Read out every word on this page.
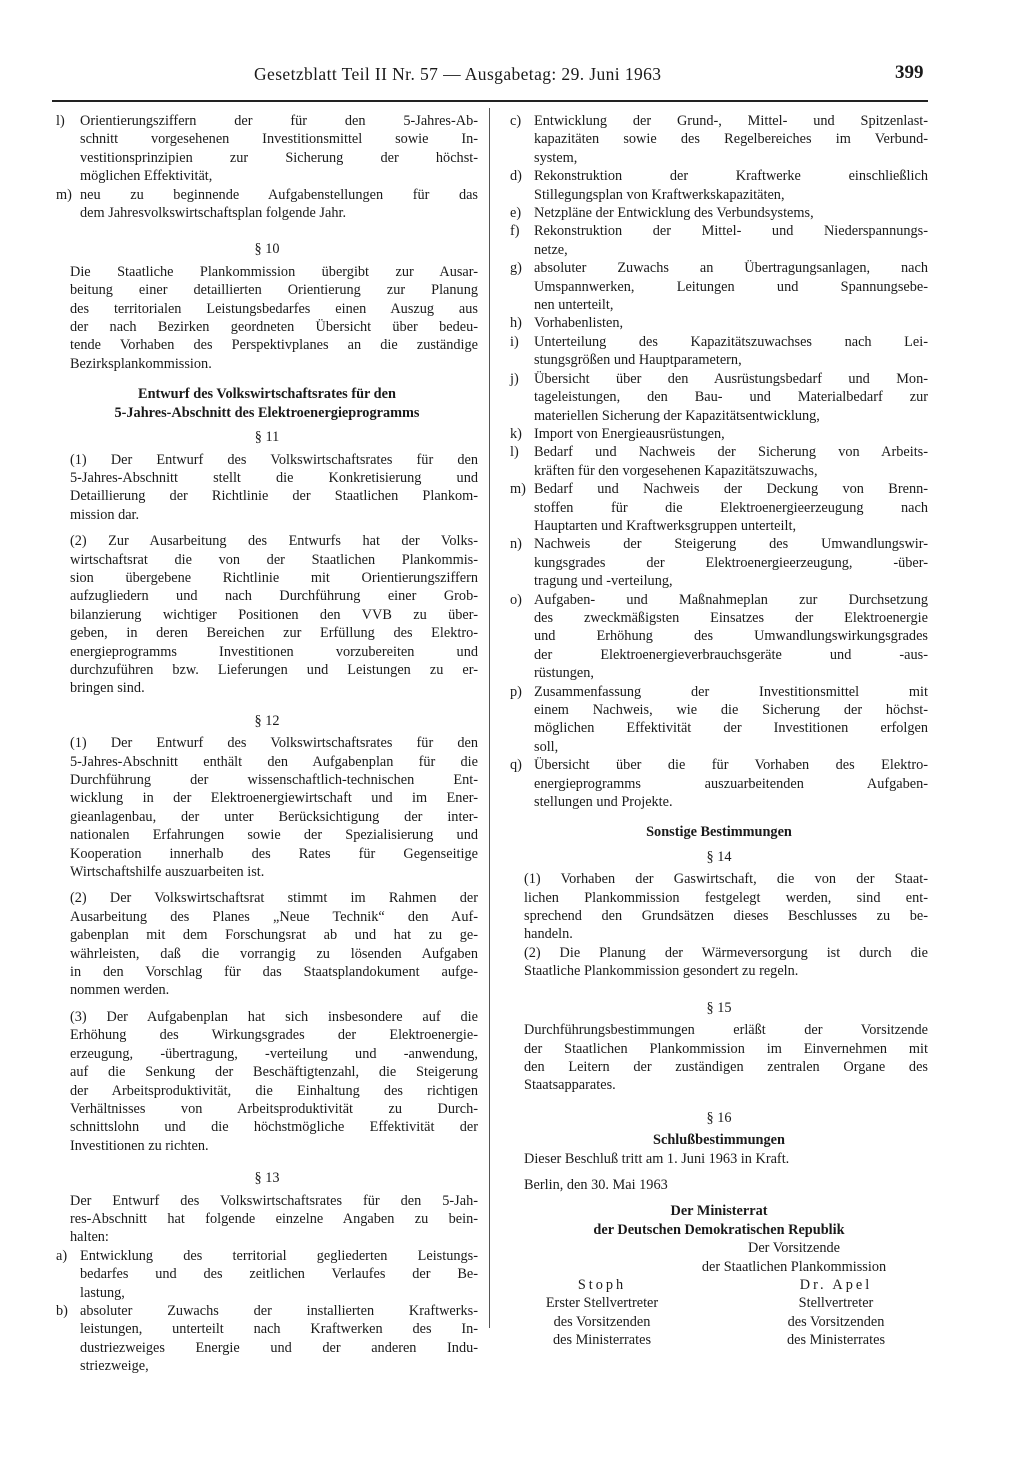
Gesetzblatt Teil II Nr. 57 — Ausgabetag: 29. Juni 1963	399
l)	Orientierungsziffern der für den 5-Jahres-Ab-
schnitt vorgesehenen Investitionsmittel sowie In-
vestitionsprinzipien zur Sicherung der höchst-
möglichen Effektivität,
m) neu zu beginnende Aufgabenstellungen für das
dem Jahresvolkswirtschaftsplan folgende Jahr.

§ 10

Die Staatliche Plankommission übergibt zur Ausar-
beitung einer detaillierten Orientierung zur Planung
des territorialen Leistungsbedarfes einen Auszug aus
der nach Bezirken geordneten Übersicht über bedeu-
tende Vorhaben des Perspektivplanes an die zuständige
Bezirksplankommission.
Entwurf des Volkswirtschaftsrates für den
5-Jahres-Abschnitt des Elektroenergieprogramms

§ 11

(1) Der Entwurf des Volkswirtschaftsrates für den
5-Jahres-Abschnitt stellt die Konkretisierung und
Detaillierung der Richtlinie der Staatlichen Plankom-
mission dar.
(2) Zur Ausarbeitung des Entwurfs hat der Volks-
wirtschaftsrat die von der Staatlichen Plankommis-
sion übergebene Richtlinie mit Orientierungsziffern
aufzugliedern und nach Durchführung einer Grob-
bilanzierung wichtiger Positionen den VVB zu über-
geben, in deren Bereichen zur Erfüllung des Elektro-
energieprogramms Investitionen vorzubereiten und
durchzuführen bzw. Lieferungen und Leistungen zu er-
bringen sind.

§ 12

(1) Der Entwurf des Volkswirtschaftsrates für den
5-Jahres-Abschnitt enthält den Aufgabenplan für die
Durchführung der wissenschaftlich-technischen Ent-
wicklung in der Elektroenergiewirtschaft und im Ener-
gieanlagenbau, der unter Berücksichtigung der inter-
nationalen Erfahrungen sowie der Spezialisierung und
Kooperation innerhalb des Rates für Gegenseitige
Wirtschaftshilfe auszuarbeiten ist.
(2) Der Volkswirtschaftsrat stimmt im Rahmen der
Ausarbeitung des Planes „Neue Technik“ den Auf-
gabenplan mit dem Forschungsrat ab und hat zu ge-
währleisten, daß die vorrangig zu lösenden Aufgaben
in den Vorschlag für das Staatsplandokument aufge-
nommen werden.
(3) Der Aufgabenplan hat sich insbesondere auf die
Erhöhung des Wirkungsgrades der Elektroenergie-
erzeugung, -übertragung, -verteilung und -anwendung,
auf die Senkung der Beschäftigtenzahl, die Steigerung
der Arbeitsproduktivität, die Einhaltung des richtigen
Verhältnisses von Arbeitsproduktivität zu Durch-
schnittslohn und die höchstmögliche Effektivität der
Investitionen zu richten.

§ 13

Der Entwurf des Volkswirtschaftsrates für den 5-Jah-
res-Abschnitt hat folgende einzelne Angaben zu bein-
halten:
a) Entwicklung des territorial gegliederten Leistungs-
bedarfes und des zeitlichen Verlaufes der Be-
lastung,
b) absoluter Zuwachs der installierten Kraftwerks-
leistungen, unterteilt nach Kraftwerken des In-
dustriezweiges Energie und der anderen Indu-
striezweige,
c) Entwicklung der Grund-, Mittel- und Spitzenlast-
kapazitäten sowie des Regelbereiches im Verbund-
system,
d) Rekonstruktion der Kraftwerke einschließlich
Stillegungsplan von Kraftwerkskapazitäten,
e) Netzpläne der Entwicklung des Verbundsystems,
f)	Rekonstruktion der Mittel- und Niederspannungs-
netze,
g) absoluter Zuwachs an Übertragungsanlagen, nach
Umspannwerken, Leitungen und Spannungsebe-
nen unterteilt,
h) Vorhabenlisten,
i)	Unterteilung des Kapazitätszuwachses nach Lei-
stungsgrößen und Hauptparametern,
j)	Übersicht über den Ausrüstungsbedarf und Mon-
tageleistungen, den Bau- und Materialbedarf zur
materiellen Sicherung der Kapazitätsentwicklung,
k) Import von Energieausrüstungen,
l)	Bedarf und Nachweis der Sicherung von Arbeits-
kräften für den vorgesehenen Kapazitätszuwachs,
m) Bedarf und Nachweis der Deckung von Brenn-
stoffen für die Elektroenergieerzeugung nach
Hauptarten und Kraftwerksgruppen unterteilt,
n) Nachweis der Steigerung des Umwandlungswir-
kungsgrades der Elektroenergieerzeugung, -über-
tragung und -verteilung,
o) Aufgaben- und Maßnahmeplan zur Durchsetzung
des zweckmäßigsten Einsatzes der Elektroenergie
und Erhöhung des Umwandlungswirkungsgrades
der Elektroenergieverbrauchsgeräte und -aus-
rüstungen,
p) Zusammenfassung der Investitionsmittel mit
einem Nachweis, wie die Sicherung der höchst-
möglichen Effektivität der Investitionen erfolgen
soll,
q) Übersicht über die für Vorhaben des Elektro-
energieprogramms auszuarbeitenden Aufgaben-
stellungen und Projekte.

Sonstige Bestimmungen

§ 14

(1) Vorhaben der Gaswirtschaft, die von der Staat-
lichen Plankommission festgelegt werden, sind ent-
sprechend den Grundsätzen dieses Beschlusses zu be-
handeln.
(2) Die Planung der Wärmeversorgung ist durch die
Staatliche Plankommission gesondert zu regeln.

§ 15

Durchführungsbestimmungen erläßt der Vorsitzende
der Staatlichen Plankommission im Einvernehmen mit
den Leitern der zuständigen zentralen Organe des
Staatsapparates.

§ 16

Schlußbestimmungen

Dieser Beschluß tritt am 1. Juni 1963 in Kraft.

Berlin, den 30. Mai 1963

Der Ministerrat
der Deutschen Demokratischen Republik
Der Vorsitzende
der Staatlichen Plankommission
Stoph
Erster Stellvertreter
des Vorsitzenden
des Ministerrates
Dr. Apel
Stellvertreter
des Vorsitzenden
des Ministerrates
